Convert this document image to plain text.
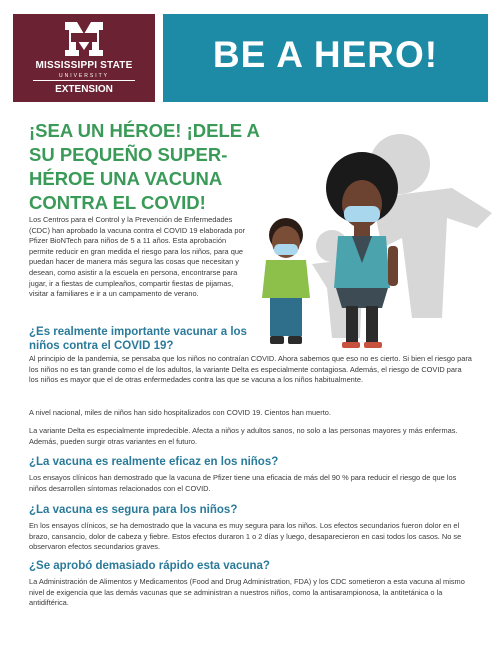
MISSISSIPPI STATE
UNIVERSITY
EXTENSION
BE A HERO!
¡SEA UN HÉROE! ¡DELE A SU PEQUEÑO SUPER-HÉROE UNA VACUNA CONTRA EL COVID!

Los Centros para el Control y la Prevención de Enfermedades (CDC) han aprobado la vacuna contra el COVID 19 elaborada por Pfizer BioNTech para niños de 5 a 11 años. Esta aprobación permite reducir en gran medida el riesgo para los niños, para que puedan hacer de manera más segura las cosas que necesitan y desean, como asistir a la escuela en persona, encontrarse para jugar, ir a fiestas de cumpleaños, compartir fiestas de pijamas, visitar a familiares e ir a un campamento de verano.

¿Es realmente importante vacunar a los niños contra el COVID 19?

Al principio de la pandemia, se pensaba que los niños no contraían COVID. Ahora sabemos que eso no es cierto. Si bien el riesgo para los niños no es tan grande como el de los adultos, la variante Delta es especialmente contagiosa. Además, el riesgo de COVID para los niños es mayor que el de otras enfermedades contra las que se vacuna a los niños habitualmente.

A nivel nacional, miles de niños han sido hospitalizados con COVID 19. Cientos han muerto.

La variante Delta es especialmente impredecible. Afecta a niños y adultos sanos, no solo a las personas mayores y más enfermas. Además, pueden surgir otras variantes en el futuro.

¿La vacuna es realmente eficaz en los niños?

Los ensayos clínicos han demostrado que la vacuna de Pfizer tiene una eficacia de más del 90 % para reducir el riesgo de que los niños desarrollen síntomas relacionados con el COVID.

¿La vacuna es segura para los niños?

En los ensayos clínicos, se ha demostrado que la vacuna es muy segura para los niños. Los efectos secundarios fueron dolor en el brazo, cansancio, dolor de cabeza y fiebre. Estos efectos duraron 1 o 2 días y luego, desaparecieron en casi todos los casos. No se observaron efectos secundarios graves.

¿Se aprobó demasiado rápido esta vacuna?

La Administración de Alimentos y Medicamentos (Food and Drug Administration, FDA) y los CDC sometieron a esta vacuna al mismo nivel de exigencia que las demás vacunas que se administran a nuestros niños, como la antisarampionosa, la antitetánica o la antidiftérica.
